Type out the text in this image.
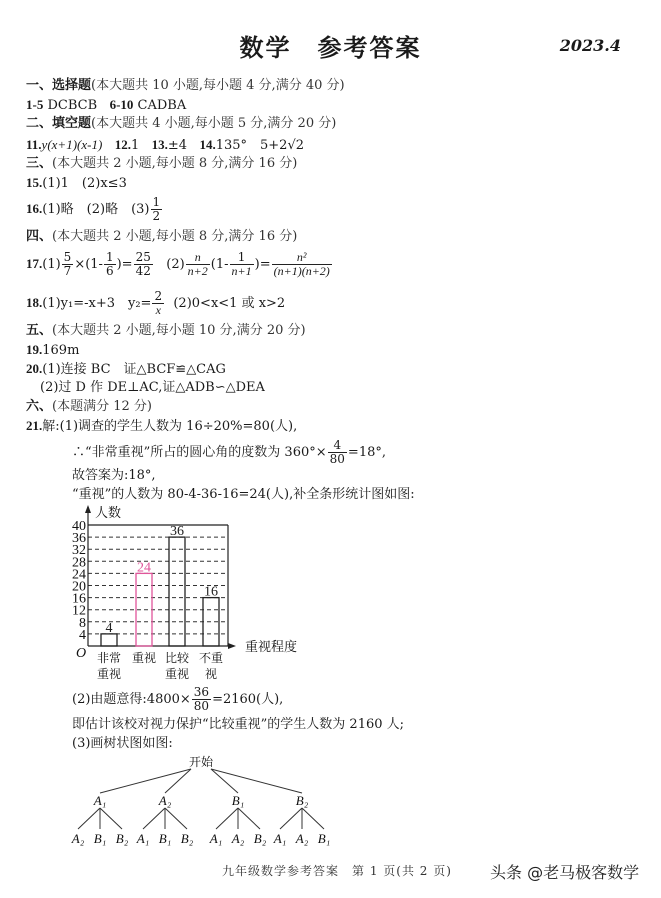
数学　参考答案	2023.4
一、选择题(本大题共 10 小题,每小题 4 分,满分 40 分)
1-5 DCBCB 6-10 CADBA
二、填空题(本大题共 4 小题,每小题 5 分,满分 20 分)
11.y(x+1)(x-1) 12.1 13.±4 14.135°　5+2√2
三、(本大题共 2 小题,每小题 8 分,满分 16 分)
15.(1)1　(2)x≤3
16.(1)略　(2)略　$(3) \frac{1}{2}$
四、(本大题共 2 小题,每小题 8 分,满分 16 分)
$17.(1) \frac{5}{7} \times(1- \frac{1}{6}$ )= $\frac{25}{42} (2) \frac{n}{n+2} (1- \frac{1}{n+1}$ )= $\frac{\text{n²}}{(n+1)(n+2)}$
18.(1)y₁=-x+3　$y_2= \frac{2}{x} (2)0<x<1$ 或 x>2
五、(本大题共 2 小题,每小题 10 分,满分 20 分)
19.169m
20.(1)连接 BC　证△BCF≌△CAG
(2)过 D 作 DE⊥AC,证△ADB∽△DEA
六、(本题满分 12 分)
21.解:(1)调查的学生人数为 16÷20%=80(人),
∴“非常重视”所占的圆心角的度数为 $360^\circ\times \frac{4}{80} =18^\circ$,
故答案为:18°,
“重视”的人数为 80-4-36-16=24(人),补全条形统计图如图:
4
8
12
16
20
24
28
32
36
40
人数
重视程度
O
4
非常
重视
24
重视
36
比较
重视
16
不重
视
(2)由题意得:4800× $\frac{36}{80} =2160$(人),
即估计该校对视力保护“比较重视”的学生人数为 2160 人;
(3)画树状图如图:
开始
A₁
A₂ B₁ B₂
A₂
A₁ B₁ B₂
B₁
A₁ A₂ B₂
B₂
A₁ A₂ B₁
九年级数学参考答案　第 1 页(共 2 页) 头条 @老马极客数学
